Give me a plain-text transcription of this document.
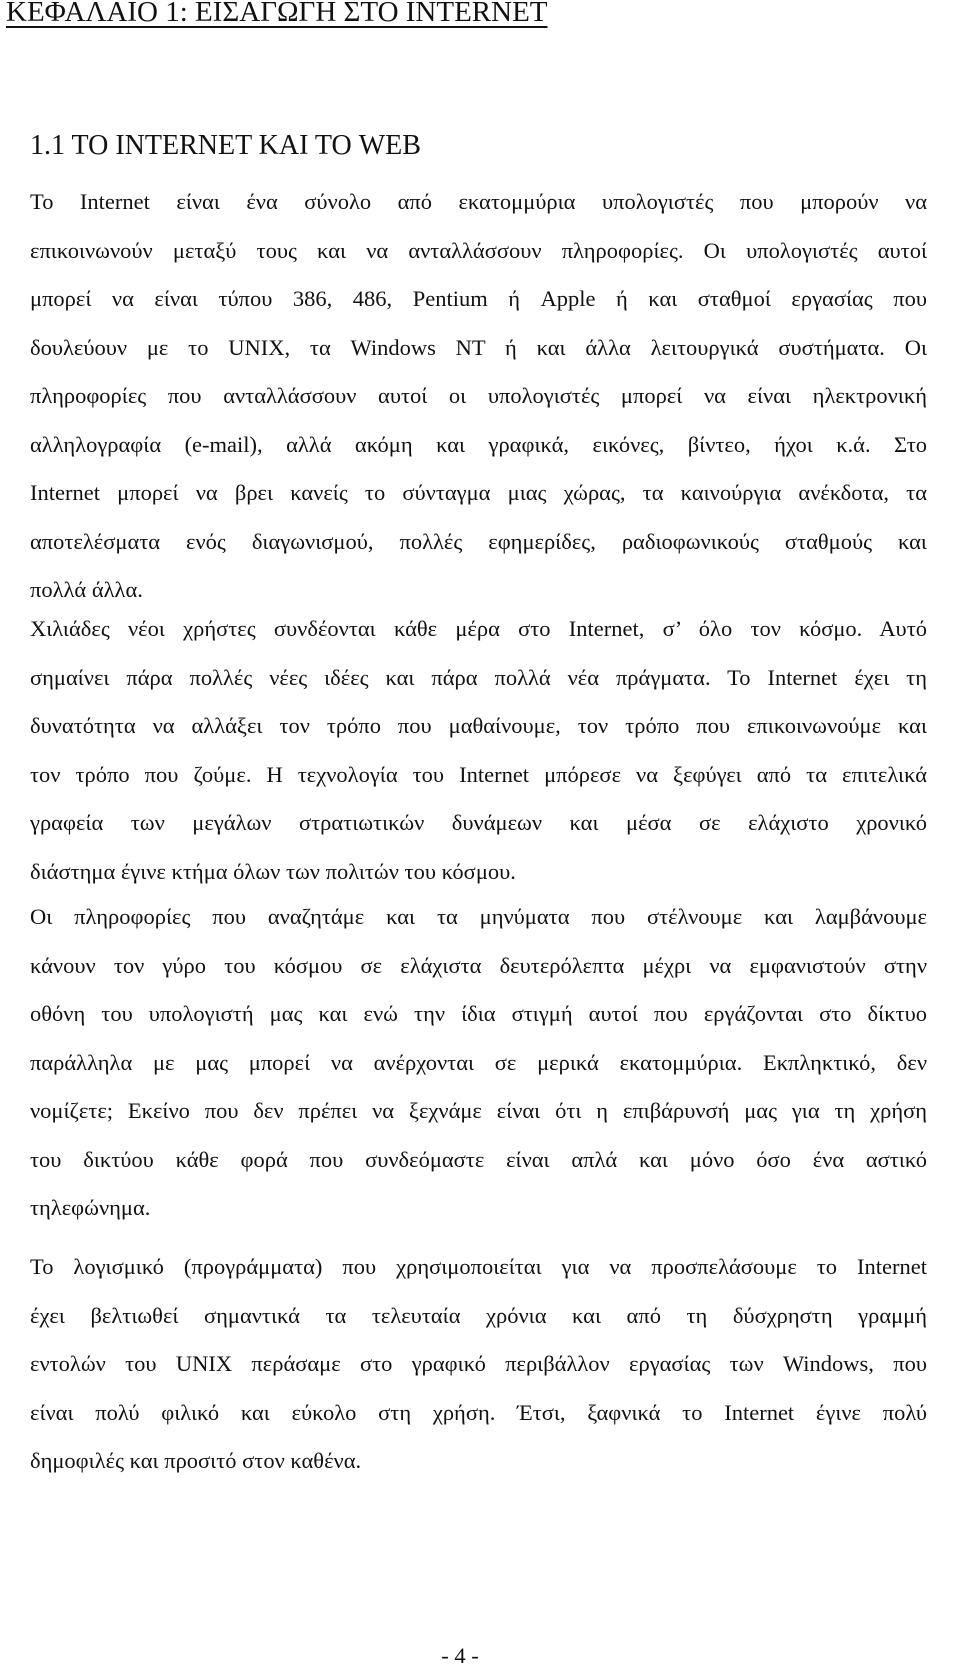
ΚΕΦΑΛΑΙΟ 1: ΕΙΣΑΓΩΓΗ ΣΤΟ INTERNET
1.1 ΤΟ INTERNET ΚΑΙ ΤΟ WEB

Το Internet είναι ένα σύνολο από εκατομμύρια υπολογιστές που μπορούν να
επικοινωνούν μεταξύ τους και να ανταλλάσσουν πληροφορίες. Οι υπολογιστές αυτοί
μπορεί να είναι τύπου 386, 486, Pentium ή Apple ή και σταθμοί εργασίας που
δουλεύουν με το UNIX, τα Windows NT ή και άλλα λειτουργικά συστήματα. Οι
πληροφορίες που ανταλλάσσουν αυτοί οι υπολογιστές μπορεί να είναι ηλεκτρονική
αλληλογραφία (e-mail), αλλά ακόμη και γραφικά, εικόνες, βίντεο, ήχοι κ.ά. Στο
Internet μπορεί να βρει κανείς το σύνταγμα μιας χώρας, τα καινούργια ανέκδοτα, τα
αποτελέσματα ενός διαγωνισμού, πολλές εφημερίδες, ραδιοφωνικούς σταθμούς και
πολλά άλλα.

Χιλιάδες νέοι χρήστες συνδέονται κάθε μέρα στο Internet, σ’ όλο τον κόσμο. Αυτό
σημαίνει πάρα πολλές νέες ιδέες και πάρα πολλά νέα πράγματα. Το Internet έχει τη
δυνατότητα να αλλάξει τον τρόπο που μαθαίνουμε, τον τρόπο που επικοινωνούμε και
τον τρόπο που ζούμε. Η τεχνολογία του Internet μπόρεσε να ξεφύγει από τα επιτελικά
γραφεία των μεγάλων στρατιωτικών δυνάμεων και μέσα σε ελάχιστο χρονικό
διάστημα έγινε κτήμα όλων των πολιτών του κόσμου.

Οι πληροφορίες που αναζητάμε και τα μηνύματα που στέλνουμε και λαμβάνουμε
κάνουν τον γύρο του κόσμου σε ελάχιστα δευτερόλεπτα μέχρι να εμφανιστούν στην
οθόνη του υπολογιστή μας και ενώ την ίδια στιγμή αυτοί που εργάζονται στο δίκτυο
παράλληλα με μας μπορεί να ανέρχονται σε μερικά εκατομμύρια. Εκπληκτικό, δεν
νομίζετε; Εκείνο που δεν πρέπει να ξεχνάμε είναι ότι η επιβάρυνσή μας για τη χρήση
του δικτύου κάθε φορά που συνδεόμαστε είναι απλά και μόνο όσο ένα αστικό
τηλεφώνημα.

Το λογισμικό (προγράμματα) που χρησιμοποιείται για να προσπελάσουμε το Internet
έχει βελτιωθεί σημαντικά τα τελευταία χρόνια και από τη δύσχρηστη γραμμή
εντολών του UNIX περάσαμε στο γραφικό περιβάλλον εργασίας των Windows, που
είναι πολύ φιλικό και εύκολο στη χρήση. Έτσι, ξαφνικά το Internet έγινε πολύ
δημοφιλές και προσιτό στον καθένα.

- 4 -
